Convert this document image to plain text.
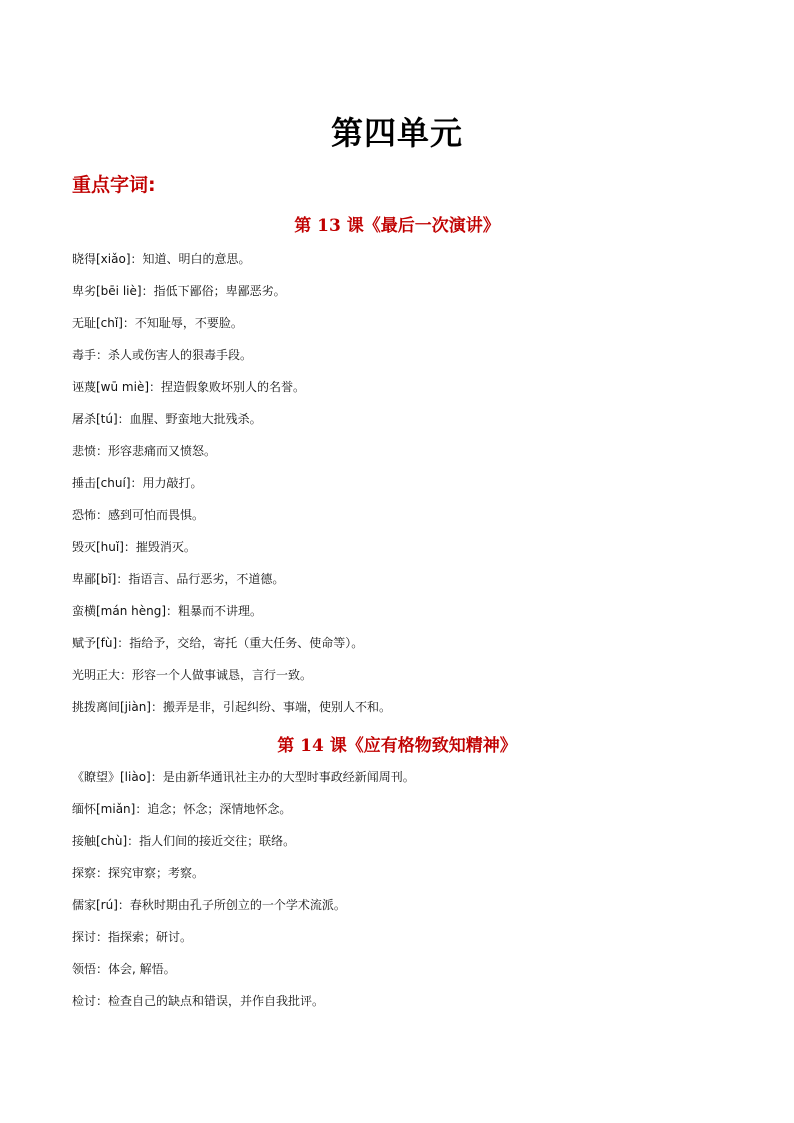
第四单元
重点字词:
第 13 课《最后一次演讲》
晓得[xiǎo]：知道、明白的意思。
卑劣[bēi liè]：指低下鄙俗；卑鄙恶劣。
无耻[chǐ]：不知耻辱，不要脸。
毒手：杀人或伤害人的狠毒手段。
诬蔑[wū miè]：捏造假象败坏别人的名誉。
屠杀[tú]：血腥、野蛮地大批残杀。
悲愤：形容悲痛而又愤怒。
捶击[chuí]：用力敲打。
恐怖：感到可怕而畏惧。
毁灭[huǐ]：摧毁消灭。
卑鄙[bǐ]：指语言、品行恶劣，不道德。
蛮横[mán hèng]：粗暴而不讲理。
赋予[fù]：指给予，交给，寄托（重大任务、使命等）。
光明正大：形容一个人做事诚恳，言行一致。
挑拨离间[jiàn]：搬弄是非，引起纠纷、事端，使别人不和。
第 14 课《应有格物致知精神》
《瞭望》[liào]：是由新华通讯社主办的大型时事政经新闻周刊。
缅怀[miǎn]：追念；怀念；深情地怀念。
接触[chù]：指人们间的接近交往；联络。
探察：探究审察；考察。
儒家[rú]：春秋时期由孔子所创立的一个学术流派。
探讨：指探索；研讨。
领悟：体会, 解悟。
检讨：检查自己的缺点和错误，并作自我批评。
